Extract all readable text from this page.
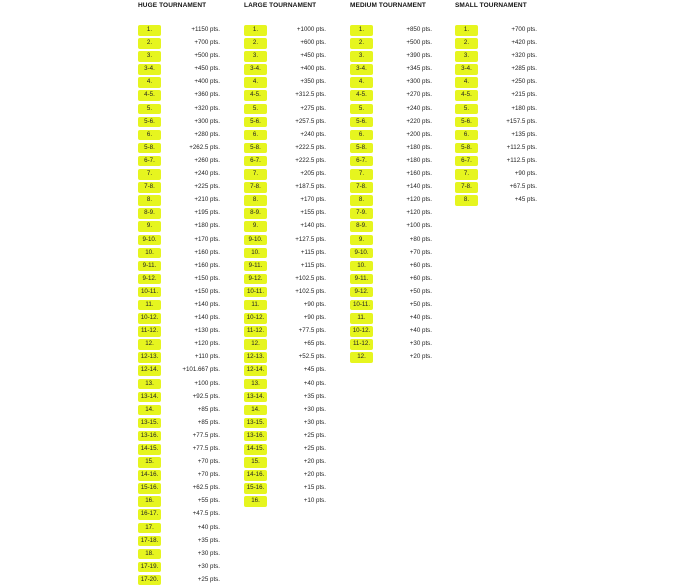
HUGE TOURNAMENT
1.	+1150 pts.
2.	+700 pts.
3.	+500 pts.
3-4.	+450 pts.
4.	+400 pts.
4-5.	+360 pts.
5.	+320 pts.
5-6.	+300 pts.
6.	+280 pts.
5-8.	+262.5 pts.
6-7.	+260 pts.
7.	+240 pts.
7-8.	+225 pts.
8.	+210 pts.
8-9.	+195 pts.
9.	+180 pts.
9-10.	+170 pts.
10.	+160 pts.
9-11.	+160 pts.
9-12.	+150 pts.
10-11.	+150 pts.
11.	+140 pts.
10-12.	+140 pts.
11-12.	+130 pts.
12.	+120 pts.
12-13.	+110 pts.
12-14.	+101.667 pts.
13.	+100 pts.
13-14.	+92.5 pts.
14.	+85 pts.
13-15.	+85 pts.
13-16.	+77.5 pts.
14-15.	+77.5 pts.
15.	+70 pts.
14-16.	+70 pts.
15-16.	+62.5 pts.
16.	+55 pts.
16-17.	+47.5 pts.
17.	+40 pts.
17-18.	+35 pts.
18.	+30 pts.
17-19.	+30 pts.
17-20.	+25 pts.
LARGE TOURNAMENT
1.	+1000 pts.
2.	+600 pts.
3.	+450 pts.
3-4.	+400 pts.
4.	+350 pts.
4-5.	+312.5 pts.
5.	+275 pts.
5-6.	+257.5 pts.
6.	+240 pts.
5-8.	+222.5 pts.
6-7.	+222.5 pts.
7.	+205 pts.
7-8.	+187.5 pts.
8.	+170 pts.
8-9.	+155 pts.
9.	+140 pts.
9-10.	+127.5 pts.
10.	+115 pts.
9-11.	+115 pts.
9-12.	+102.5 pts.
10-11.	+102.5 pts.
11.	+90 pts.
10-12.	+90 pts.
11-12.	+77.5 pts.
12.	+65 pts.
12-13.	+52.5 pts.
12-14.	+45 pts.
13.	+40 pts.
13-14.	+35 pts.
14.	+30 pts.
13-15.	+30 pts.
13-16.	+25 pts.
14-15.	+25 pts.
15.	+20 pts.
14-16.	+20 pts.
15-16.	+15 pts.
16.	+10 pts.
MEDIUM TOURNAMENT
1.	+850 pts.
2.	+500 pts.
3.	+390 pts.
3-4.	+345 pts.
4.	+300 pts.
4-5.	+270 pts.
5.	+240 pts.
5-6.	+220 pts.
6.	+200 pts.
5-8.	+180 pts.
6-7.	+180 pts.
7.	+160 pts.
7-8.	+140 pts.
8.	+120 pts.
7-9.	+120 pts.
8-9.	+100 pts.
9.	+80 pts.
9-10.	+70 pts.
10.	+60 pts.
9-11.	+60 pts.
9-12.	+50 pts.
10-11.	+50 pts.
11.	+40 pts.
10-12.	+40 pts.
11-12.	+30 pts.
12.	+20 pts.
SMALL TOURNAMENT
1.	+700 pts.
2.	+420 pts.
3.	+320 pts.
3-4.	+285 pts.
4.	+250 pts.
4-5.	+215 pts.
5.	+180 pts.
5-6.	+157.5 pts.
6.	+135 pts.
5-8.	+112.5 pts.
6-7.	+112.5 pts.
7.	+90 pts.
7-8.	+67.5 pts.
8.	+45 pts.
